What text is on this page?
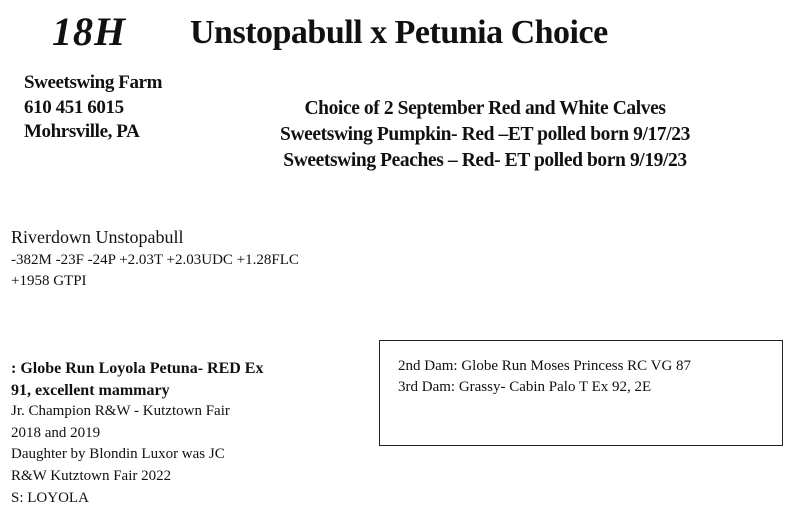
18H Unstopabull x Petunia Choice
Sweetswing Farm
610 451 6015
Mohrsville, PA
Choice of 2 September Red and White Calves
Sweetswing Pumpkin- Red –ET polled born 9/17/23
Sweetswing Peaches – Red- ET polled born 9/19/23
Riverdown Unstopabull
-382M -23F -24P +2.03T +2.03UDC +1.28FLC
+1958 GTPI
: Globe Run Loyola Petuna- RED Ex
91, excellent mammary
Jr. Champion R&W - Kutztown Fair
2018 and 2019
Daughter by Blondin Luxor was JC
R&W Kutztown Fair 2022
S: LOYOLA
2nd Dam: Globe Run Moses Princess RC VG 87
3rd Dam: Grassy- Cabin Palo T Ex 92, 2E
